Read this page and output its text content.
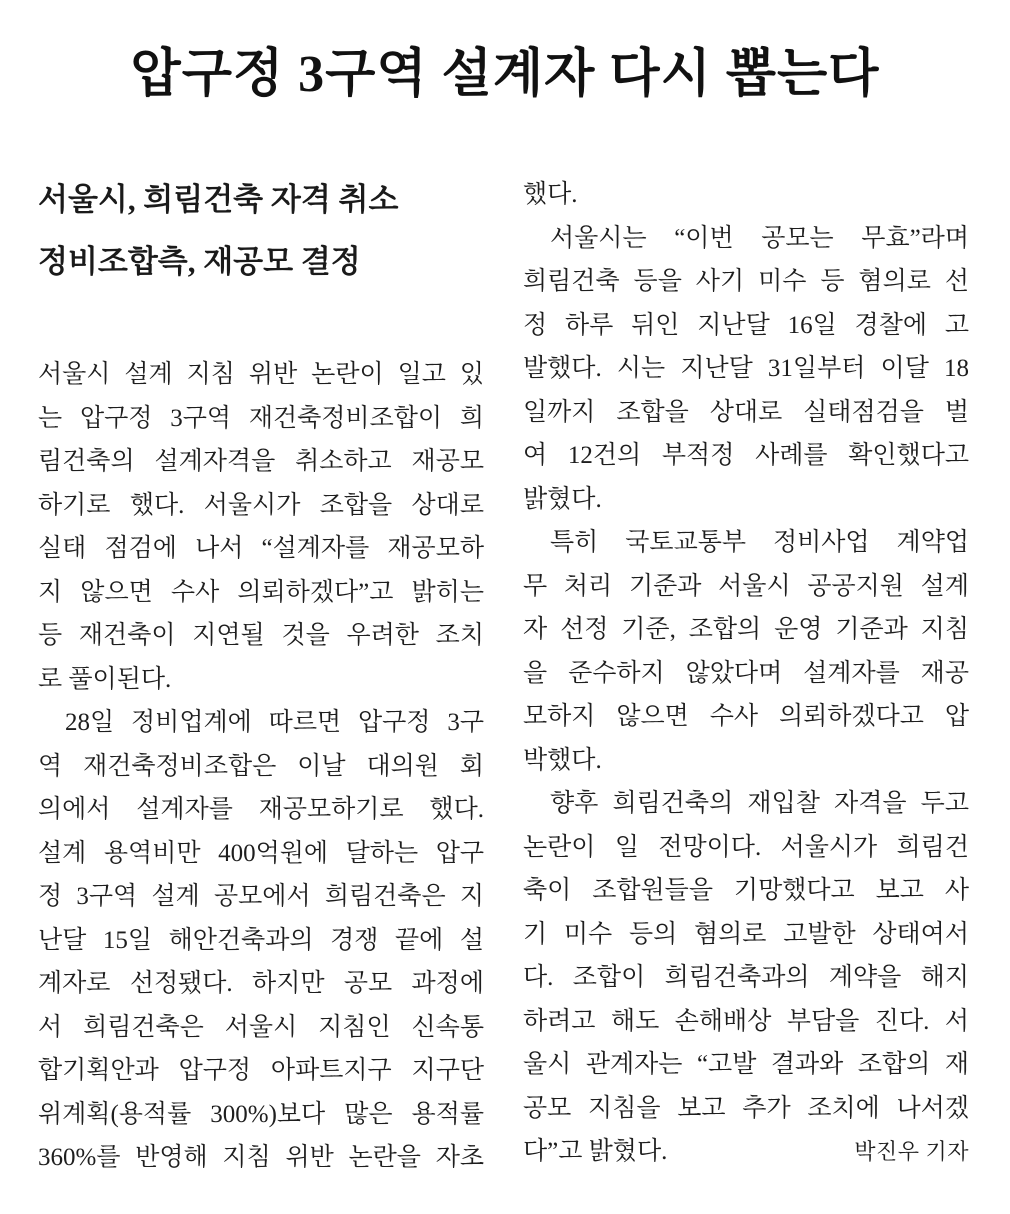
압구정 3구역 설계자 다시 뽑는다
서울시, 희림건축 자격 취소
정비조합측, 재공모 결정
서울시 설계 지침 위반 논란이 일고 있
는 압구정 3구역 재건축정비조합이 희
림건축의 설계자격을 취소하고 재공모
하기로 했다. 서울시가 조합을 상대로
실태 점검에 나서 “설계자를 재공모하
지 않으면 수사 의뢰하겠다”고 밝히는
등 재건축이 지연될 것을 우려한 조치
로 풀이된다.
28일 정비업계에 따르면 압구정 3구
역 재건축정비조합은 이날 대의원 회
의에서 설계자를 재공모하기로 했다.
설계 용역비만 400억원에 달하는 압구
정 3구역 설계 공모에서 희림건축은 지
난달 15일 해안건축과의 경쟁 끝에 설
계자로 선정됐다. 하지만 공모 과정에
서 희림건축은 서울시 지침인 신속통
합기획안과 압구정 아파트지구 지구단
위계획(용적률 300%)보다 많은 용적률
360%를 반영해 지침 위반 논란을 자초
했다.
서울시는 “이번 공모는 무효”라며
희림건축 등을 사기 미수 등 혐의로 선
정 하루 뒤인 지난달 16일 경찰에 고
발했다. 시는 지난달 31일부터 이달 18
일까지 조합을 상대로 실태점검을 벌
여 12건의 부적정 사례를 확인했다고
밝혔다.
특히 국토교통부 정비사업 계약업
무 처리 기준과 서울시 공공지원 설계
자 선정 기준, 조합의 운영 기준과 지침
을 준수하지 않았다며 설계자를 재공
모하지 않으면 수사 의뢰하겠다고 압
박했다.
향후 희림건축의 재입찰 자격을 두고
논란이 일 전망이다. 서울시가 희림건
축이 조합원들을 기망했다고 보고 사
기 미수 등의 혐의로 고발한 상태여서
다. 조합이 희림건축과의 계약을 해지
하려고 해도 손해배상 부담을 진다. 서
울시 관계자는 “고발 결과와 조합의 재
공모 지침을 보고 추가 조치에 나서겠
다”고 밝혔다.	박진우 기자
